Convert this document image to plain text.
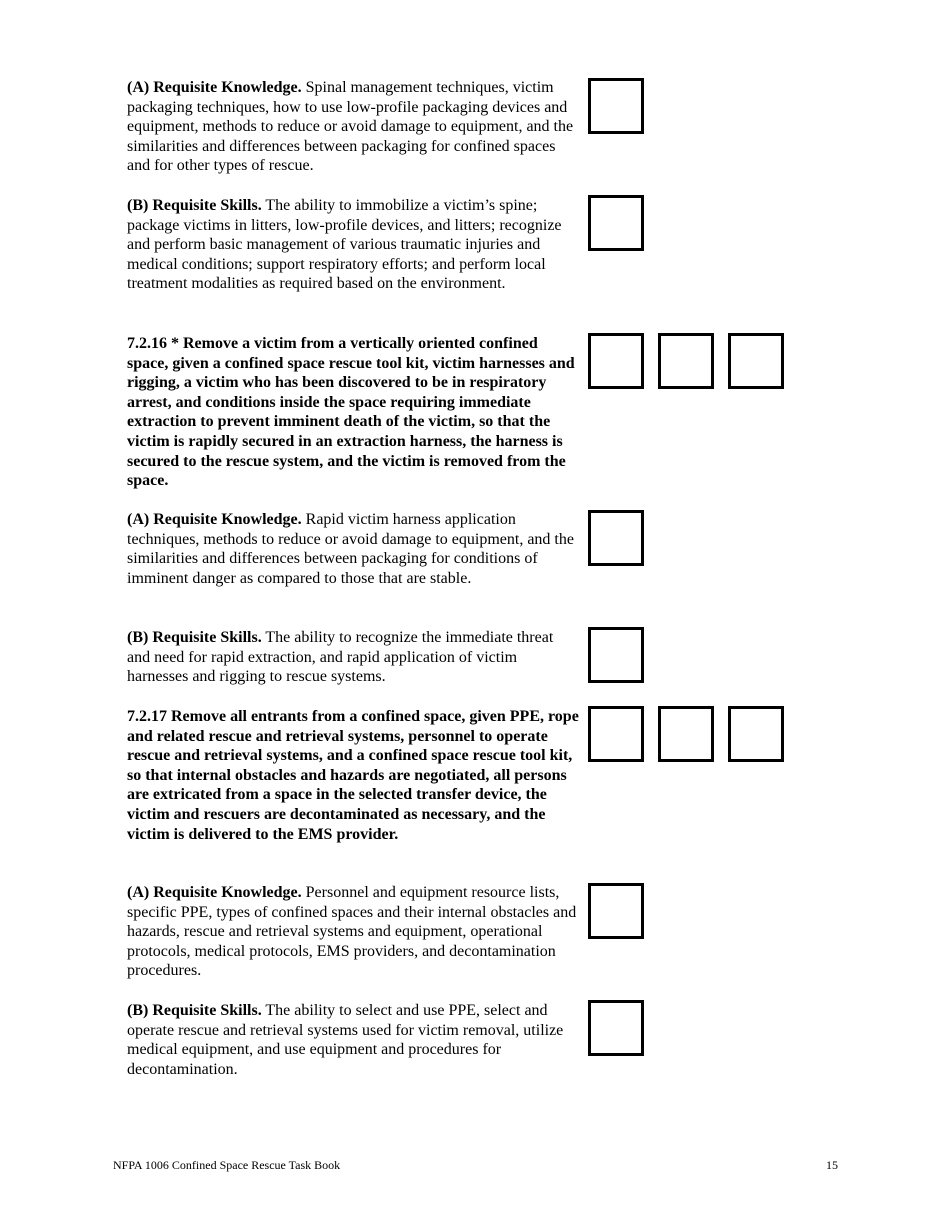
(A) Requisite Knowledge. Spinal management techniques, victim packaging techniques, how to use low-profile packaging devices and equipment, methods to reduce or avoid damage to equipment, and the similarities and differences between packaging for confined spaces and for other types of rescue.
(B) Requisite Skills. The ability to immobilize a victim’s spine; package victims in litters, low-profile devices, and litters; recognize and perform basic management of various traumatic injuries and medical conditions; support respiratory efforts; and perform local treatment modalities as required based on the environment.
7.2.16 * Remove a victim from a vertically oriented confined space, given a confined space rescue tool kit, victim harnesses and rigging, a victim who has been discovered to be in respiratory arrest, and conditions inside the space requiring immediate extraction to prevent imminent death of the victim, so that the victim is rapidly secured in an extraction harness, the harness is secured to the rescue system, and the victim is removed from the space.
(A) Requisite Knowledge. Rapid victim harness application techniques, methods to reduce or avoid damage to equipment, and the similarities and differences between packaging for conditions of imminent danger as compared to those that are stable.
(B) Requisite Skills. The ability to recognize the immediate threat and need for rapid extraction, and rapid application of victim harnesses and rigging to rescue systems.
7.2.17 Remove all entrants from a confined space, given PPE, rope and related rescue and retrieval systems, personnel to operate rescue and retrieval systems, and a confined space rescue tool kit, so that internal obstacles and hazards are negotiated, all persons are extricated from a space in the selected transfer device, the victim and rescuers are decontaminated as necessary, and the victim is delivered to the EMS provider.
(A) Requisite Knowledge. Personnel and equipment resource lists, specific PPE, types of confined spaces and their internal obstacles and hazards, rescue and retrieval systems and equipment, operational protocols, medical protocols, EMS providers, and decontamination procedures.
(B) Requisite Skills. The ability to select and use PPE, select and operate rescue and retrieval systems used for victim removal, utilize medical equipment, and use equipment and procedures for decontamination.
NFPA 1006 Confined Space Rescue Task Book	15
